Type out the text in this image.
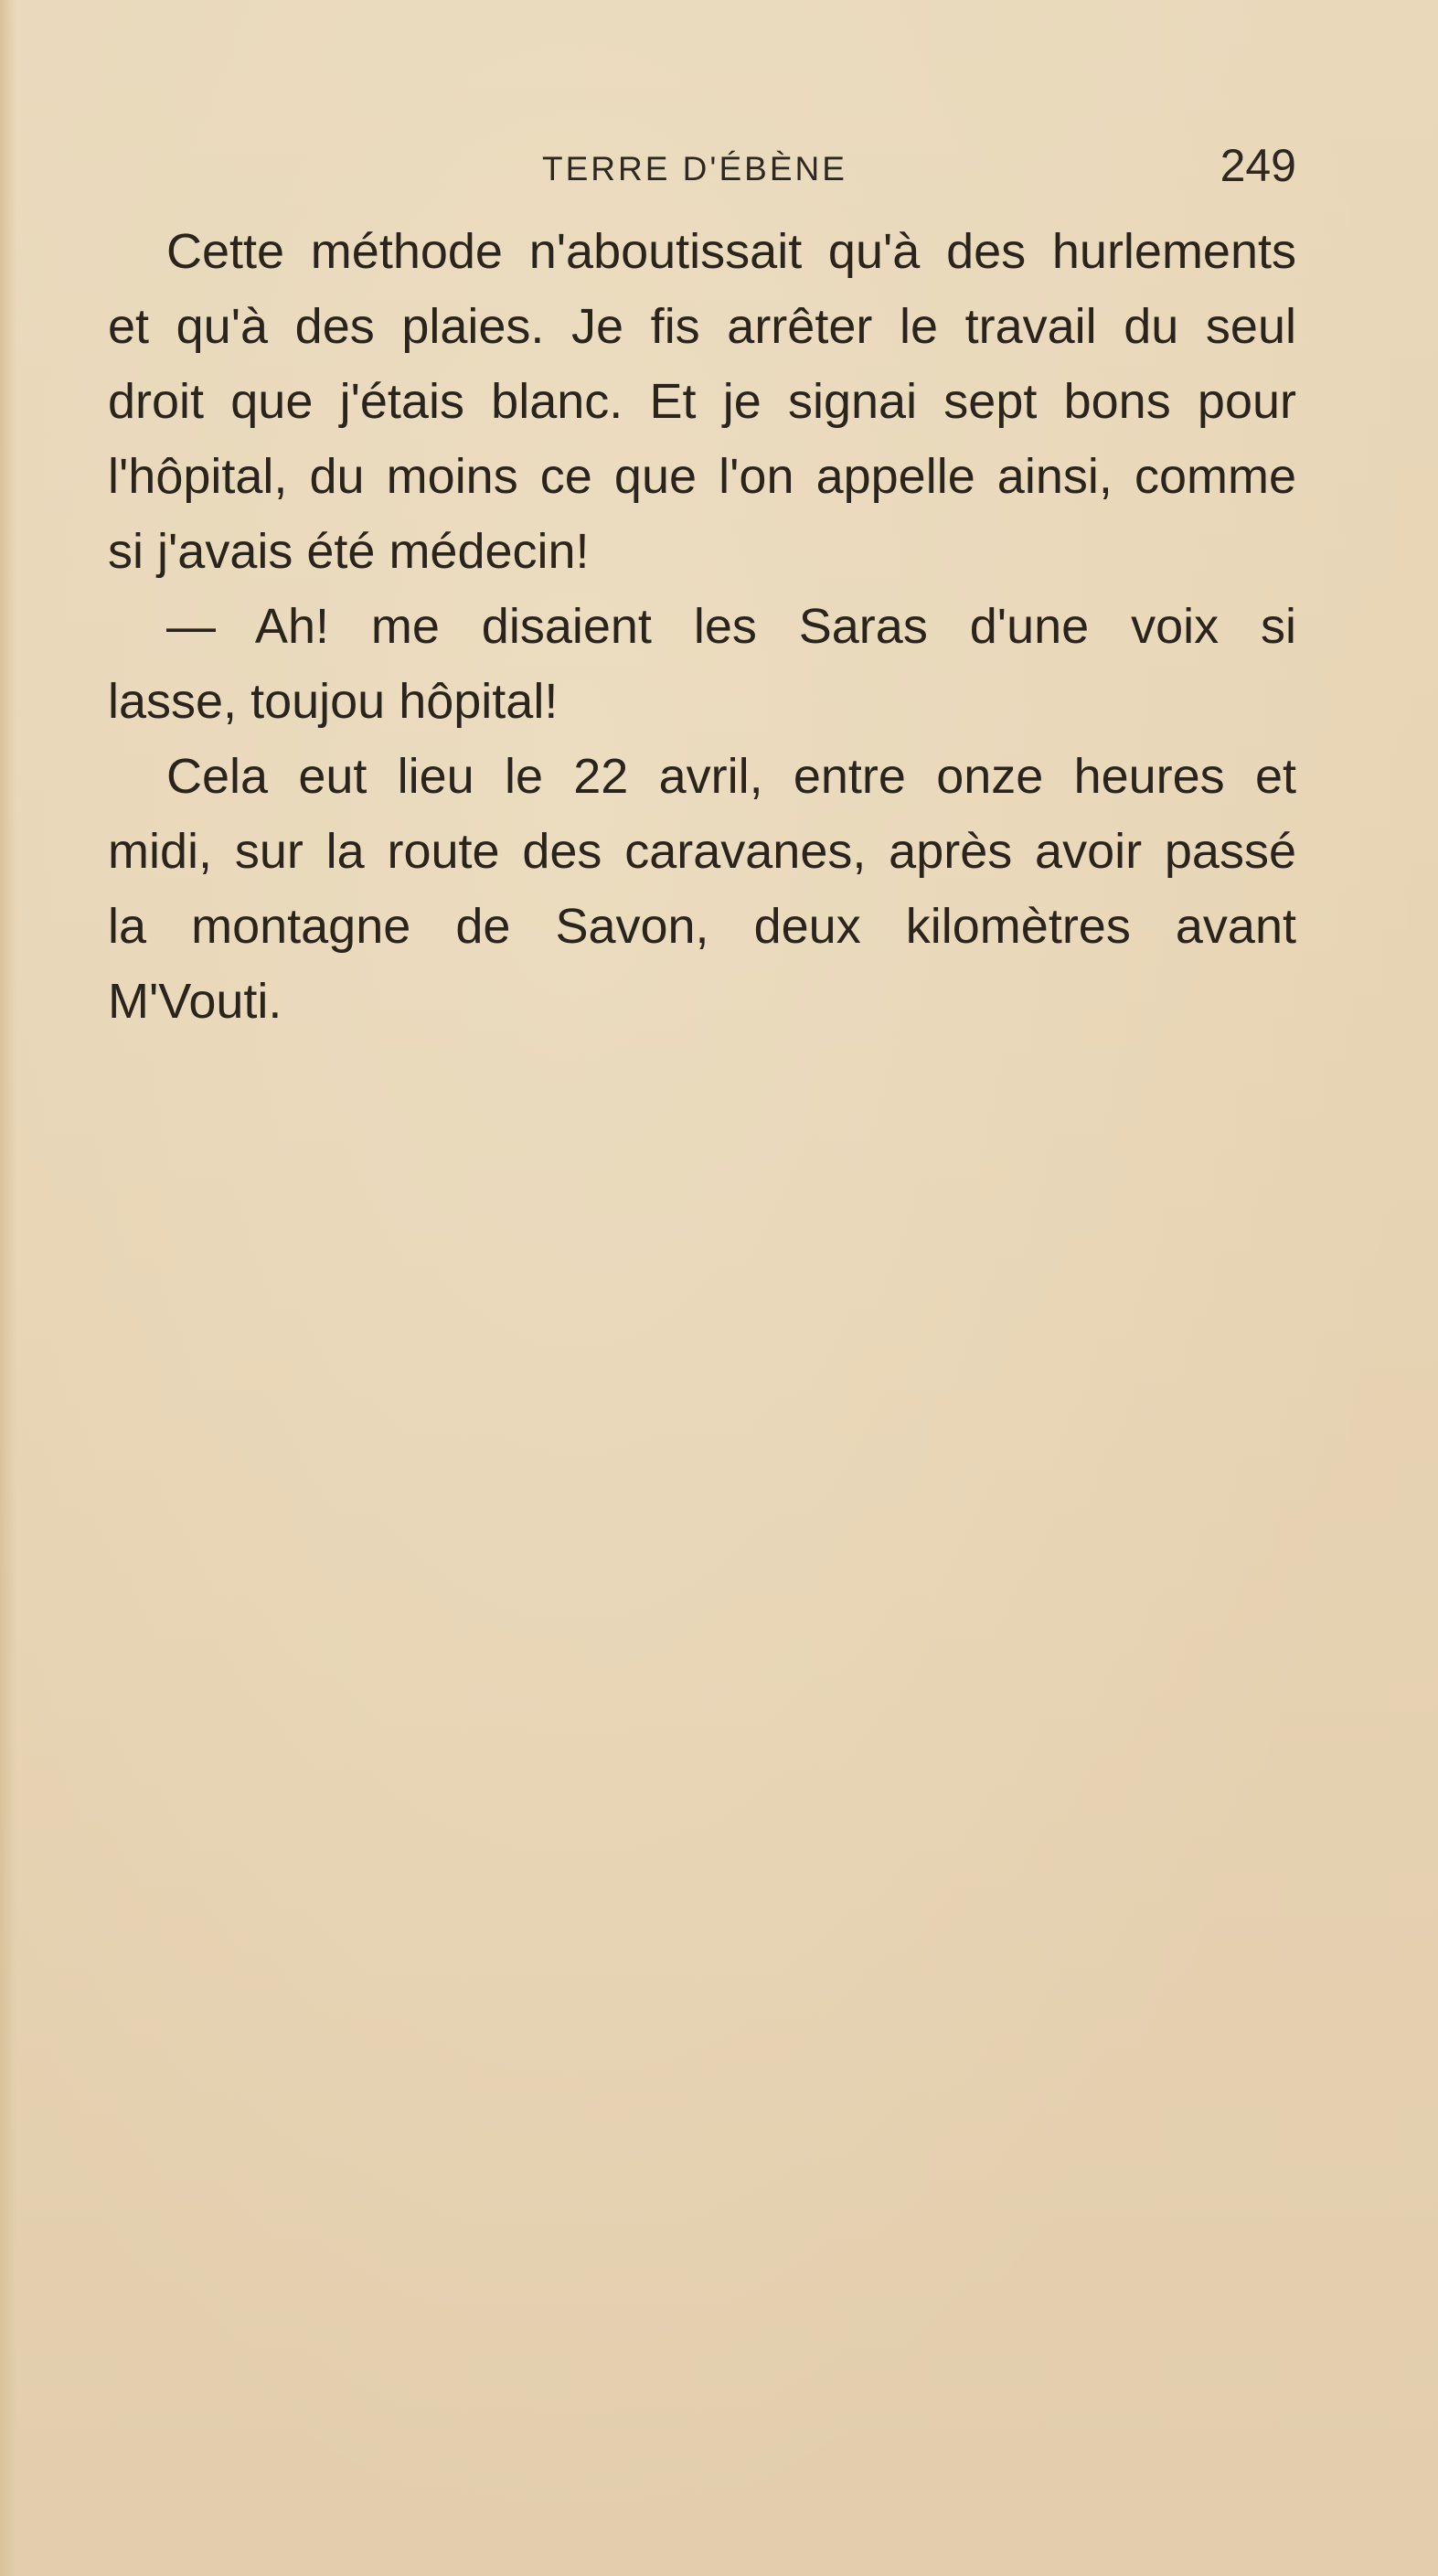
TERRE D'ÉBÈNE	249
Cette méthode n'aboutissait qu'à des hurlements
et qu'à des plaies. Je fis arrêter le travail du seul
droit que j'étais blanc. Et je signai sept bons pour
l'hôpital, du moins ce que l'on appelle ainsi, comme
si j'avais été médecin!
— Ah! me disaient les Saras d'une voix si
lasse, toujou hôpital!
Cela eut lieu le 22 avril, entre onze heures et
midi, sur la route des caravanes, après avoir passé
la montagne de Savon, deux kilomètres avant
M'Vouti.
